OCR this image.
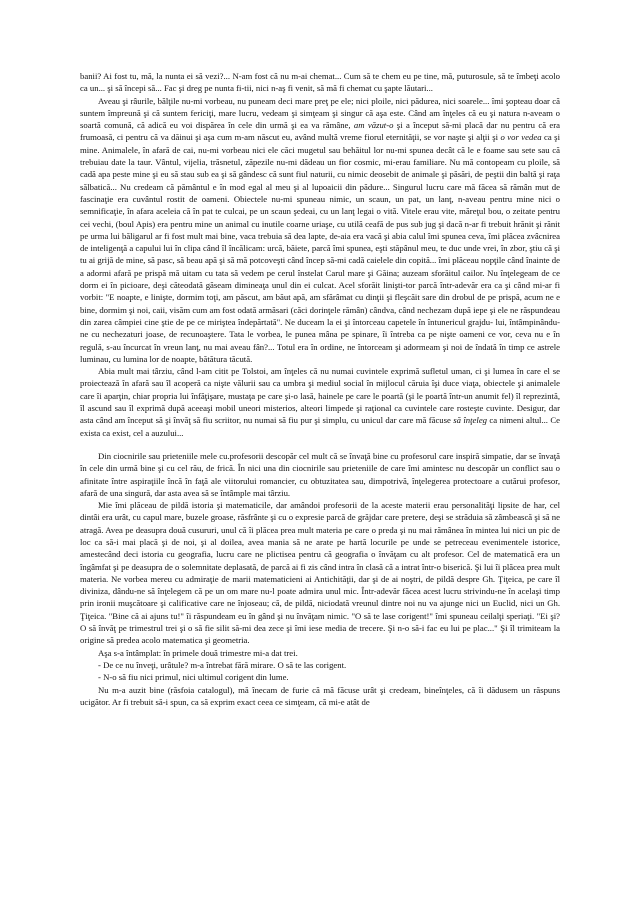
banii? Ai fost tu, mă, la nunta ei să vezi?... N-am fost că nu m-ai chemat... Cum să te chem eu pe tine, mă, puturosule, să te îmbeţi acolo ca un... şi să începi să... Fac şi dreg pe nunta fi-tii, nici n-aş fi venit, să mă fi chemat cu şapte lăutari...

Aveau şi râurile, bălţile nu-mi vorbeau, nu puneam deci mare preţ pe ele; nici ploile, nici pădurea, nici soarele... îmi şopteau doar că suntem împreună şi că suntem fericiţi, mare lucru, vedeam şi simţeam şi singur că aşa este. Când am înţeles că eu şi natura n-aveam o soartă comună, că adică eu voi dispărea în cele din urmă şi ea va rămâne, am văzut-o şi a început să-mi placă dar nu pentru că era frumoasă, ci pentru că va dăinui şi aşa cum m-am născut eu, având multă vreme fiorul eternităţii, se vor naşte şi alţii şi o vor vedea ca şi mine. Animalele, în afară de cai, nu-mi vorbeau nici ele căci mugetul sau behăitul lor nu-mi spunea decât că le e foame sau sete sau că trebuiau date la taur. Vântul, vijelia, trăsnetul, zăpezile nu-mi dădeau un fior cosmic, mi-erau familiare. Nu mă contopeam cu ploile, să cadă apa peste mine şi eu să stau sub ea şi să gândesc că sunt fiul naturii, cu nimic deosebit de animale şi păsări, de peştii din baltă şi raţa sălbatică... Nu credeam că pământul e în mod egal al meu şi al lupoaicii din pădure... Singurul lucru care mă făcea să rămân mut de fascinaţie era cuvântul rostit de oameni. Obiectele nu-mi spuneau nimic, un scaun, un pat, un lanţ, n-aveau pentru mine nici o semnificaţie, în afara aceleia că în pat te culcai, pe un scaun şedeai, cu un lanţ legai o vită. Vitele erau vite, măreţul bou, o zeitate pentru cei vechi, (boul Apis) era pentru mine un animal cu inutile coarne uriaşe, cu utilă ceafă de pus sub jug şi dacă n-ar fi trebuit hrănit şi rănit pe urma lui băligarul ar fi fost mult mai bine, vaca trebuia să dea lapte, de-aia era vacă şi abia calul îmi spunea ceva, îmi plăcea zvâcnirea de inteligenţă a capului lui în clipa când îl încălicam: urcă, băiete, parcă îmi spunea, eşti stăpânul meu, te duc unde vrei, în zbor, ştiu că şi tu ai grijă de mine, să pasc, să beau apă şi să mă potcoveşti când încep să-mi cadă caielele din copită... îmi plăceau nopţile când înainte de a adormi afară pe prispă mă uitam cu tata să vedem pe cerul înstelat Carul mare şi Găina; auzeam sforăitul cailor. Nu înţelegeam de ce dorm ei în picioare, deşi căteodată găseam dimineaţa unul din ei culcat. Acel sforăit linişti-tor parcă într-adevăr era ca şi când mi-ar fi vorbit: "E noapte, e linişte, dormim toţi, am păscut, am băut apă, am sfărâmat cu dinţii şi fleşcăit sare din drobul de pe prispă, acum ne e bine, dormim şi noi, caii, visăm cum am fost odată armăsari (căci dorinţele rămân) cândva, când nechezam după iepe şi ele ne răspundeau din zarea câmpiei cine ştie de pe ce miriştea îndepărtată". Ne duceam la ei şi întorceau capetele în întunericul grajdu- lui, întâmpinându-ne cu nechezaturi joase, de recunoaştere. Tata le vorbea, le punea mâna pe spinare, îi întreba ca pe nişte oameni ce vor, ceva nu e în regulă, s-au încurcat în vreun lanţ, nu mai aveau fân?... Totul era în ordine, ne întorceam şi adormeam şi noi de îndată în timp ce astrele luminau, cu lumina lor de noapte, bătătura tăcută.

Abia mult mai târziu, când l-am citit pe Tolstoi, am înţeles că nu numai cuvintele exprimă sufletul uman, ci şi lumea în care el se proiectează în afară sau îl acoperă ca nişte vălurii sau ca umbra şi mediul social în mijlocul căruia îşi duce viaţa, obiectele şi animalele care îi aparţin, chiar propria lui înfăţişare, mustaţa pe care şi-o lasă, hainele pe care le poartă (şi le poartă într-un anumit fel) îl reprezintă, îl ascund sau îl exprimă după aceeaşi mobil uneori misterios, alteori limpede şi raţional ca cuvintele care rosteşte cuvinte. Desigur, dar asta când am început să şi învăţ să fiu scriitor, nu numai să fiu pur şi simplu, cu unicul dar care mă făcuse să înţeleg ca nimeni altul... Ce exista ca exist, cel a auzului...

Din ciocnirile sau prieteniile mele cu.profesorii descopăr cel mult că se învaţă bine cu profesorul care inspiră simpatie, dar se învaţă în cele din urmă bine şi cu cel rău, de frică. În nici una din ciocnirile sau prieteniile de care îmi amintesc nu descopăr un conflict sau o afinitate între aspiraţiile încă în faţă ale viitorului romancier, cu obtuzitatea sau, dimpotrivă, înţelegerea protectoare a cutărui profesor, afară de una singură, dar asta avea să se întâmple mai târziu.

Mie îmi plăceau de pildă istoria şi matematicile, dar amândoi profesorii de la aceste materii erau personalităţi lipsite de har, cel dintâi era urât, cu capul mare, buzele groase, răsfrânte şi cu o expresie parcă de grăjdar care pretere, deşi se străduia să zâmbească şi să ne atragă. Avea pe deasupra două cusururi, unul că îi plăcea prea mult materia pe care o preda şi nu mai rămânea în mintea lui nici un pic de loc ca să-i mai placă şi de noi, şi al doilea, avea mania să ne arate pe hartă locurile pe unde se petreceau evenimentele istorice, amestecând deci istoria cu geografia, lucru care ne plictisea pentru că geografia o învăţam cu alt profesor. Cel de matematică era un îngâmfat şi pe deasupra de o solemnitate deplasată, de parcă ai fi zis când intra în clasă că a intrat într-o biserică. Şi lui îi plăcea prea mult materia. Ne vorbea mereu cu admiraţie de marii matematicieni ai Antichităţii, dar şi de ai noştri, de pildă despre Gh. Ţiţeica, pe care îl diviniza, dându-ne să înţelegem că pe un om mare nu-l poate admira unul mic. Într-adevăr făcea acest lucru strivindu-ne în acelaşi timp prin ironii muşcătoare şi calificative care ne înjoseau; că, de pildă, niciodată vreunul dintre noi nu va ajunge nici un Euclid, nici un Gh. Ţiţeica. "Bine că ai ajuns tu!" îi răspundeam eu în gând şi nu învăţam nimic. "O să te lase corigent!" îmi spuneau ceilalţi speriaţi. "Ei şi? O să învăţ pe trimestrul trei şi o să fie silit să-mi dea zece şi îmi iese media de trecere. Şi n-o să-i fac eu lui pe plac..." Şi îl trimiteam la origine să predea acolo matematica şi geometria.

Aşa s-a întâmplat: în primele două trimestre mi-a dat trei.

- De ce nu înveţi, urâtule? m-a întrebat fără mirare. O să te las corigent.

- N-o să fiu nici primul, nici ultimul corigent din lume.

Nu m-a auzit bine (răsfoia catalogul), mă înecam de furie că mă făcuse urât şi credeam, bineînţeles, că îi dădusem un răspuns ucigător. Ar fi trebuit să-i spun, ca să exprim exact ceea ce simţeam, că mi-e atât de
